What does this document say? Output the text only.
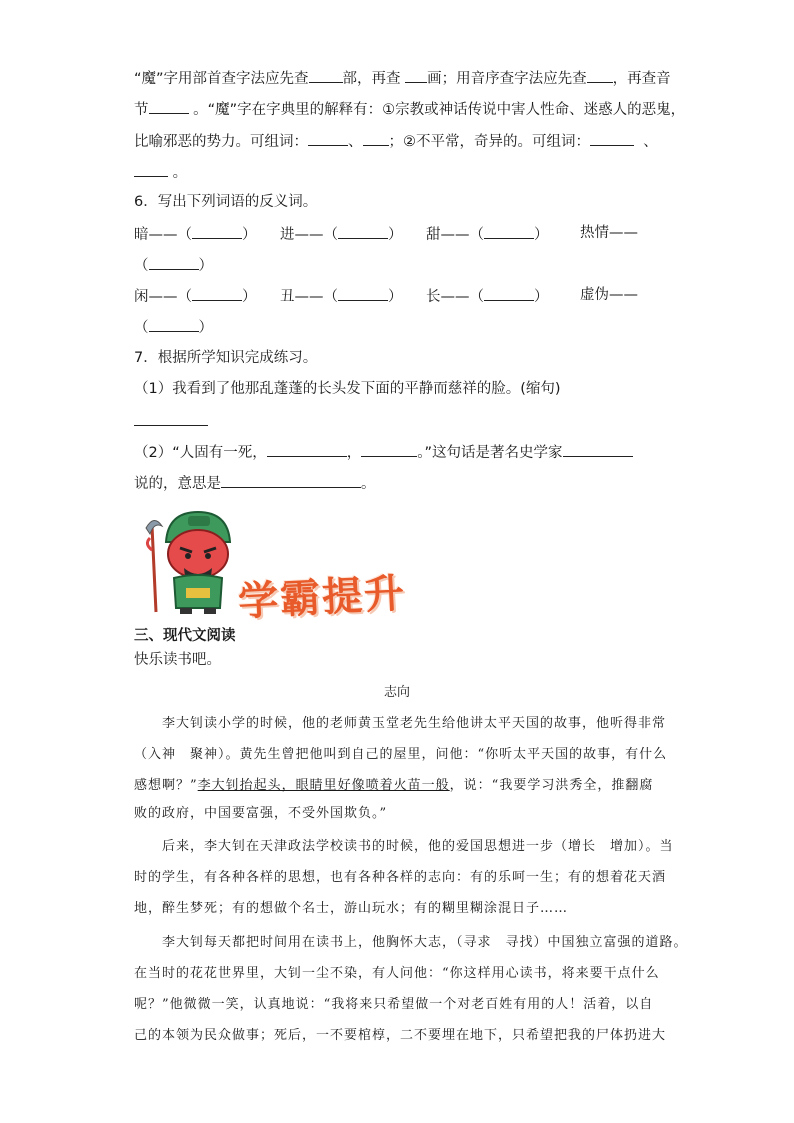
“魔”字用部首查字法应先查 部，再查 画；用音序查字法应先查 ，再查音
节	。“魔”字在字典里的解释有：①宗教或神话传说中害人性命、迷惑人的恶鬼，
比喻邪恶的势力。可组词：	、 ；②不平常，奇异的。可组词：	、
。
6．写出下列词语的反义词。
暗——（	） 进——（	） 甜——（	） 热情——
（	）
闲——（	） 丑——（	） 长——（	） 虚伪——
（	）
7．根据所学知识完成练习。
（1）我看到了他那乱蓬蓬的长头发下面的平静而慈祥的脸。(缩句)
（2）“人固有一死，	，	。”这句话是著名史学家
说的，意思是	。
学霸提升
三、现代文阅读
快乐读书吧。
志向
李大钊读小学的时候，他的老师黄玉堂老先生给他讲太平天国的故事，他听得非常
（入神　聚神）。黄先生曾把他叫到自己的屋里，问他：“你听太平天国的故事，有什么
感想啊？”李大钊抬起头，眼睛里好像喷着火苗一般，说：“我要学习洪秀全，推翻腐
败的政府，中国要富强，不受外国欺负。”
后来，李大钊在天津政法学校读书的时候，他的爱国思想进一步（增长　增加）。当
时的学生，有各种各样的思想，也有各种各样的志向：有的乐呵一生；有的想着花天酒
地，醉生梦死；有的想做个名士，游山玩水；有的糊里糊涂混日子……
李大钊每天都把时间用在读书上，他胸怀大志，（寻求　寻找）中国独立富强的道路。
在当时的花花世界里，大钊一尘不染，有人问他：“你这样用心读书，将来要干点什么
呢？”他微微一笑，认真地说：“我将来只希望做一个对老百姓有用的人！活着，以自
己的本领为民众做事；死后，一不要棺椁，二不要埋在地下，只希望把我的尸体扔进大
